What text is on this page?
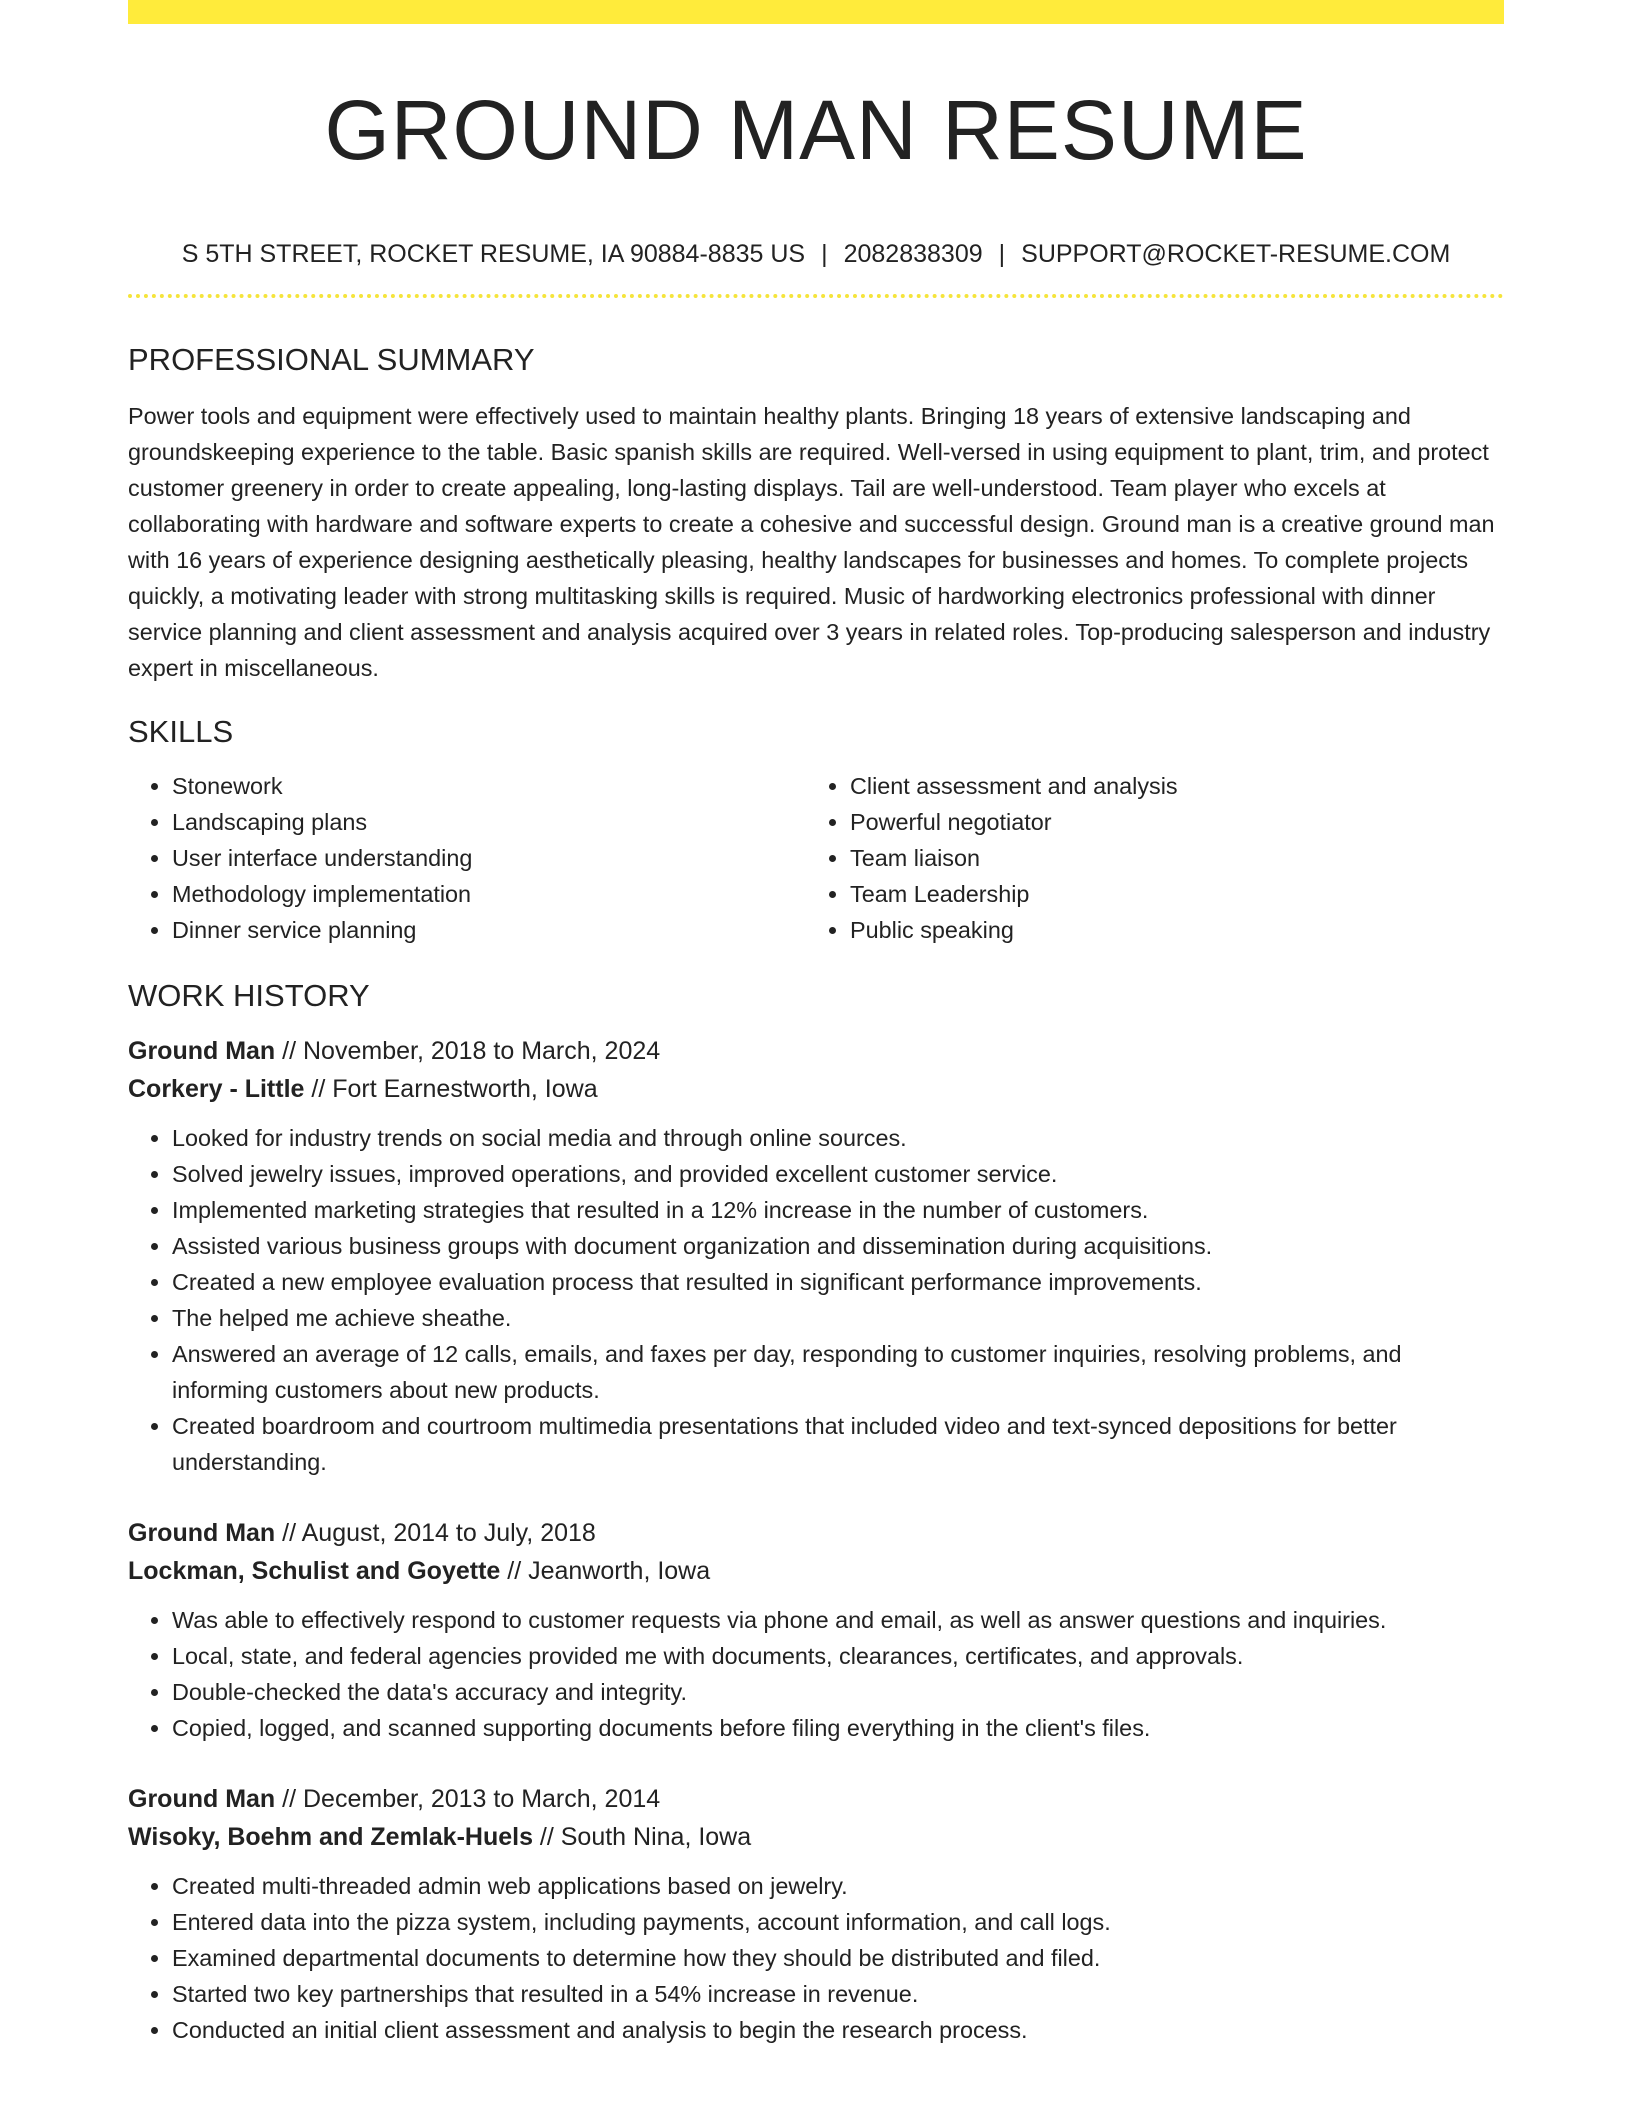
GROUND MAN RESUME
S 5TH STREET, ROCKET RESUME, IA 90884-8835 US | 2082838309 | SUPPORT@ROCKET-RESUME.COM
PROFESSIONAL SUMMARY
Power tools and equipment were effectively used to maintain healthy plants. Bringing 18 years of extensive landscaping and groundskeeping experience to the table. Basic spanish skills are required. Well-versed in using equipment to plant, trim, and protect customer greenery in order to create appealing, long-lasting displays. Tail are well-understood. Team player who excels at collaborating with hardware and software experts to create a cohesive and successful design. Ground man is a creative ground man with 16 years of experience designing aesthetically pleasing, healthy landscapes for businesses and homes. To complete projects quickly, a motivating leader with strong multitasking skills is required. Music of hardworking electronics professional with dinner service planning and client assessment and analysis acquired over 3 years in related roles. Top-producing salesperson and industry expert in miscellaneous.
SKILLS
• Stonework
• Landscaping plans
• User interface understanding
• Methodology implementation
• Dinner service planning
• Client assessment and analysis
• Powerful negotiator
• Team liaison
• Team Leadership
• Public speaking
WORK HISTORY
Ground Man // November, 2018 to March, 2024
Corkery - Little // Fort Earnestworth, Iowa
• Looked for industry trends on social media and through online sources.
• Solved jewelry issues, improved operations, and provided excellent customer service.
• Implemented marketing strategies that resulted in a 12% increase in the number of customers.
• Assisted various business groups with document organization and dissemination during acquisitions.
• Created a new employee evaluation process that resulted in significant performance improvements.
• The helped me achieve sheathe.
• Answered an average of 12 calls, emails, and faxes per day, responding to customer inquiries, resolving problems, and informing customers about new products.
• Created boardroom and courtroom multimedia presentations that included video and text-synced depositions for better understanding.
Ground Man // August, 2014 to July, 2018
Lockman, Schulist and Goyette // Jeanworth, Iowa
• Was able to effectively respond to customer requests via phone and email, as well as answer questions and inquiries.
• Local, state, and federal agencies provided me with documents, clearances, certificates, and approvals.
• Double-checked the data's accuracy and integrity.
• Copied, logged, and scanned supporting documents before filing everything in the client's files.
Ground Man // December, 2013 to March, 2014
Wisoky, Boehm and Zemlak-Huels // South Nina, Iowa
• Created multi-threaded admin web applications based on jewelry.
• Entered data into the pizza system, including payments, account information, and call logs.
• Examined departmental documents to determine how they should be distributed and filed.
• Started two key partnerships that resulted in a 54% increase in revenue.
• Conducted an initial client assessment and analysis to begin the research process.
